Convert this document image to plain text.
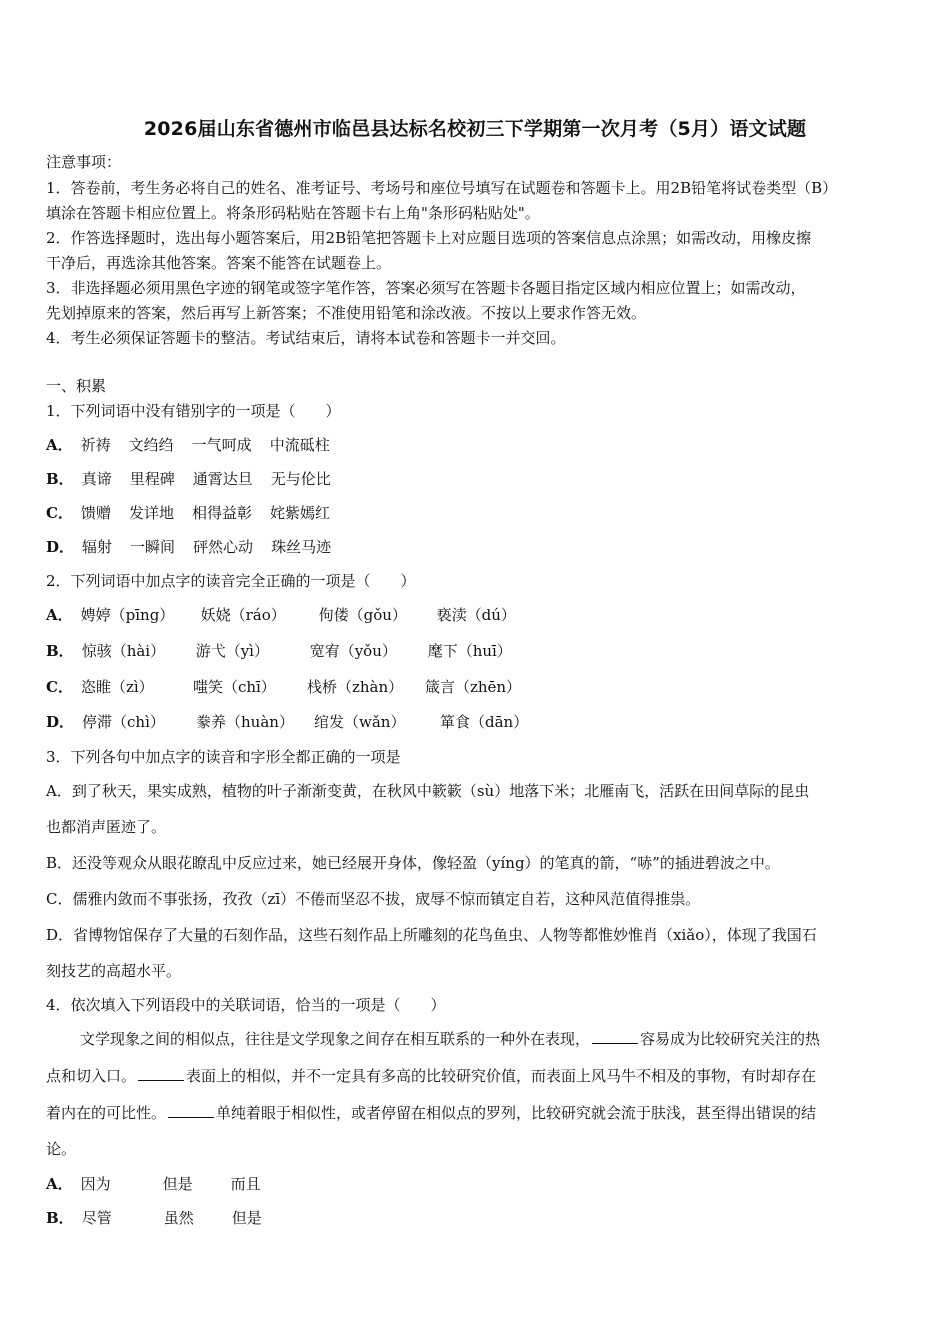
2026届山东省德州市临邑县达标名校初三下学期第一次月考（5月）语文试题
注意事项：
1．答卷前，考生务必将自己的姓名、准考证号、考场号和座位号填写在试题卷和答题卡上。用2B铅笔将试卷类型（B）
填涂在答题卡相应位置上。将条形码粘贴在答题卡右上角"条形码粘贴处"。
2．作答选择题时，选出每小题答案后，用2B铅笔把答题卡上对应题目选项的答案信息点涂黑；如需改动，用橡皮擦
干净后，再选涂其他答案。答案不能答在试题卷上。
3．非选择题必须用黑色字迹的钢笔或签字笔作答，答案必须写在答题卡各题目指定区域内相应位置上；如需改动，
先划掉原来的答案，然后再写上新答案；不准使用铅笔和涂改液。不按以上要求作答无效。
4．考生必须保证答题卡的整洁。考试结束后，请将本试卷和答题卡一并交回。
一、积累
1．下列词语中没有错别字的一项是（　　）
A． 祈祷 文绉绉 一气呵成 中流砥柱
B． 真谛 里程碑 通霄达旦 无与伦比
C． 馈赠 发详地 相得益彰 姹紫嫣红
D． 辐射 一瞬间 砰然心动 珠丝马迹
2．下列词语中加点字的读音完全正确的一项是（　　）
A． 娉婷（pīng） 妖娆（ráo） 佝偻（gǒu） 亵渎（dú）
B． 惊骇（hài） 游弋（yì）	宽宥（yǒu） 麾下（huī）
C． 恣睢（zì）	嗤笑（chī） 栈桥（zhàn） 箴言（zhēn）
D． 停滞（chì） 豢养（huàn） 绾发（wǎn） 箪食（dān）
3．下列各句中加点字的读音和字形全都正确的一项是
A．到了秋天，果实成熟，植物的叶子渐渐变黄，在秋风中簌簌（sù）地落下米；北雁南飞，活跃在田间草际的昆虫
也都消声匿迹了。
B．还没等观众从眼花瞭乱中反应过来，她已经展开身体，像轻盈（yíng）的笔真的箭，“哧”的插进碧波之中。
C．儒雅内敛而不事张扬，孜孜（zī）不倦而坚忍不拔，宬辱不惊而镇定自若，这种风范值得推祟。
D．省博物馆保存了大量的石刻作品，这些石刻作品上所雕刻的花鸟鱼虫、人物等都惟妙惟肖（xiǎo），体现了我国石
刻技艺的高超水平。
4．依次填入下列语段中的关联词语，恰当的一项是（　　）
文学现象之间的相似点，往往是文学现象之间存在相互联系的一种外在表现，	容易成为比较研究关注的热
点和切入口。	表面上的相似，并不一定具有多高的比较研究价值，而表面上风马牛不相及的事物，有时却存在
着内在的可比性。	单纯着眼于相似性，或者停留在相似点的罗列，比较研究就会流于肤浅，甚至得出错误的结
论。
A． 因为	但是	而且
B． 尽管	虽然	但是
